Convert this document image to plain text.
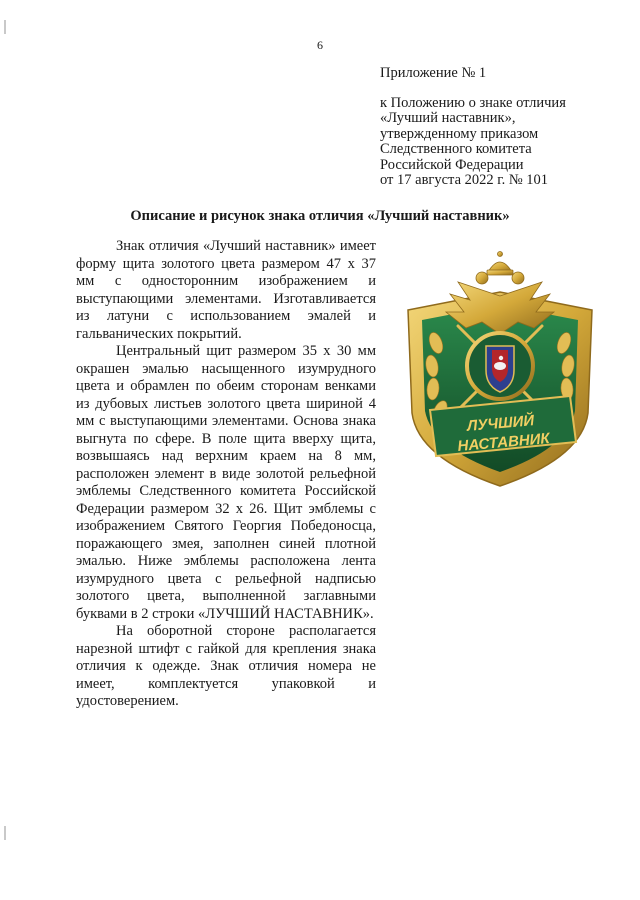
6
Приложение № 1
к Положению о знаке отличия
«Лучший наставник»,
утвержденному приказом
Следственного комитета
Российской Федерации
от 17 августа 2022 г. № 101
Описание и рисунок знака отличия «Лучший наставник»

Знак отличия «Лучший наставник» имеет форму щита золотого цвета размером 47 х 37 мм с односторонним изображением и выступающими элементами. Изготавливается из латуни с использованием эмалей и гальванических покрытий.

Центральный щит размером 35 х 30 мм окрашен эмалью насыщенного изумрудного цвета и обрамлен по обеим сторонам венками из дубовых листьев золотого цвета шириной 4 мм с выступающими элементами. Основа знака выгнута по сфере. В поле щита вверху щита, возвышаясь над верхним краем на 8 мм, расположен элемент в виде золотой рельефной эмблемы Следственного комитета Российской Федерации размером 32 х 26. Щит эмблемы с изображением Святого Георгия Победоносца, поражающего змея, заполнен синей плотной эмалью. Ниже эмблемы расположена лента изумрудного цвета с рельефной надписью золотого цвета, выполненной заглавными буквами в 2 строки «ЛУЧШИЙ НАСТАВНИК».

На оборотной стороне располагается нарезной штифт с гайкой для крепления знака отличия к одежде. Знак отличия номера не имеет, комплектуется упаковкой и удостоверением.

ЛУЧШИЙ
НАСТАВНИК
